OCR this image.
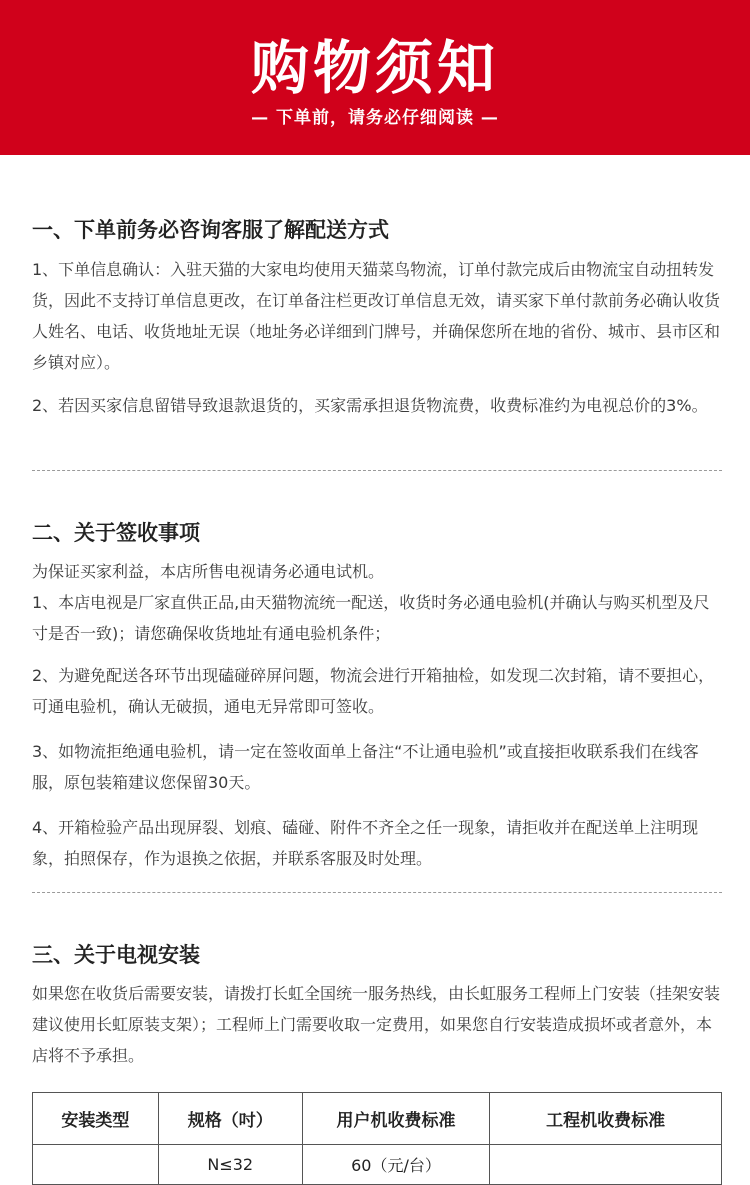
购物须知
— 下单前，请务必仔细阅读 —
一、下单前务必咨询客服了解配送方式

1、下单信息确认：入驻天猫的大家电均使用天猫菜鸟物流，订单付款完成后由物流宝自动扭转发货，因此不支持订单信息更改，在订单备注栏更改订单信息无效，请买家下单付款前务必确认收货人姓名、电话、收货地址无误（地址务必详细到门牌号，并确保您所在地的省份、城市、县市区和乡镇对应）。

2、若因买家信息留错导致退款退货的，买家需承担退货物流费，收费标准约为电视总价的3%。

二、关于签收事项

为保证买家利益，本店所售电视请务必通电试机。

1、本店电视是厂家直供正品,由天猫物流统一配送，收货时务必通电验机(并确认与购买机型及尺寸是否一致)；请您确保收货地址有通电验机条件；

2、为避免配送各环节出现磕碰碎屏问题，物流会进行开箱抽检，如发现二次封箱，请不要担心，可通电验机，确认无破损，通电无异常即可签收。

3、如物流拒绝通电验机，请一定在签收面单上备注“不让通电验机”或直接拒收联系我们在线客服，原包装箱建议您保留30天。

4、开箱检验产品出现屏裂、划痕、磕碰、附件不齐全之任一现象，请拒收并在配送单上注明现象，拍照保存，作为退换之依据，并联系客服及时处理。

三、关于电视安装

如果您在收货后需要安装，请拨打长虹全国统一服务热线，由长虹服务工程师上门安装（挂架安装建议使用长虹原装支架）；工程师上门需要收取一定费用，如果您自行安装造成损坏或者意外，本店将不予承担。

安装类型	规格（吋）	用户机收费标准	工程机收费标准
	N≤32	60（元/台）	
